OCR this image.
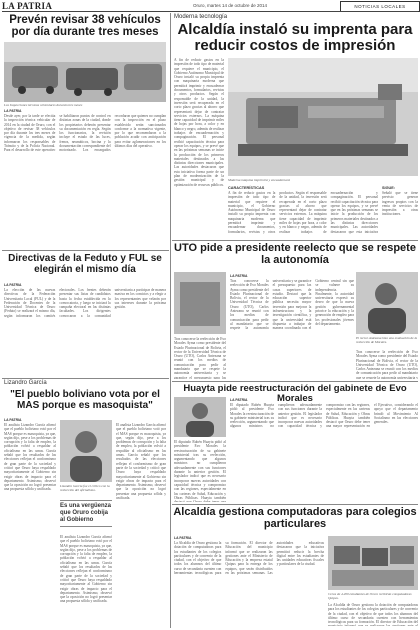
LA PATRIA	Oruro, martes 14 de octubre de 2014	NOTICIAS LOCALES
Prevén revisar 38 vehículos por día durante tres meses
Los Inspecciones técnicas vehiculares durarán tres meses
LA PATRIA
Desde ayer, por la tarde se efectúa la inspección técnica vehicular de 2014 en la ciudad de Oruro, con el objetivo de revisar 38 vehículos por día durante los tres meses de vigencia de la medida, según informaron los responsables de Tránsito y de la Policía Nacional. Para el desarrollo de este operativo se habilitaron puntos de control en distintas zonas de la ciudad, donde los propietarios deberán presentar su documentación en regla. Según los funcionarios, la revisión incluye el estado de las luces, frenos, neumáticos, bocina y la documentación correspondiente del motorizado. Los encargados recordaron que quienes no cumplan con la inspección en el plazo establecido serán sancionados conforme a la normativa vigente, por lo que recomendaron a la población acudir con anticipación para evitar aglomeraciones en los últimos días del operativo.
Directivas de la Feduto y FUL se elegirán el mismo día
LA PATRIA
La elección de las nuevas directivas de la Federación Universitaria Local (FUL) y de la Federación de Docentes de la Universidad Técnica de Oruro (Feduto) se realizará el mismo día, según informaron los comités electorales. Los frentes deberán presentar sus listas de candidatos hasta la fecha establecida en la convocatoria, y luego se iniciará la campaña electoral en las distintas facultades. Los dirigentes convocaron a la comunidad universitaria a participar de manera masiva en los comicios y a elegir a los representantes que velarán por sus intereses durante la próxima gestión.
Lizandro García
"El pueblo boliviano vota por el MAS porque es masoquista"
LA PATRIA
El analista Lizandro García afirmó que el pueblo boliviano votó por el MAS porque es masoquista, ya que, según dijo, pese a los problemas de corrupción y la falta de empleo, la población volvió a respaldar al oficialismo en las urnas. García señaló que los resultados de las elecciones reflejan el conformismo de gran parte de la sociedad y criticó que Oruro haya respaldado mayoritariamente al Gobierno sin exigir obras de impacto para el departamento. Asimismo, observó que la oposición no logró presentar una propuesta sólida y unificada.
Lizandro García fue el crítico con la reelección del oficialismo.
Es una vergüenza que Oruro cobija al Gobierno
El analista Lizandro García afirmó que el pueblo boliviano votó por el MAS porque es masoquista, ya que, según dijo, pese a los problemas de corrupción y la falta de empleo, la población volvió a respaldar al oficialismo en las urnas. García señaló que los resultados de las elecciones reflejan el conformismo de gran parte de la sociedad y criticó que Oruro haya respaldado mayoritariamente al Gobierno sin exigir obras de impacto para el departamento. Asimismo, observó que la oposición no logró presentar una propuesta sólida y unificada.
El analista Lizandro García afirmó que el pueblo boliviano votó por el MAS porque es masoquista, ya que, según dijo, pese a los problemas de corrupción y la falta de empleo, la población volvió a respaldar al oficialismo en las urnas. García señaló que los resultados de las elecciones reflejan el conformismo de gran parte de la sociedad y criticó que Oruro haya respaldado mayoritariamente al Gobierno sin exigir obras de impacto para el departamento. Asimismo, observó que la oposición no logró presentar una propuesta sólida y unificada.
Moderna tecnología
Alcaldía instaló su imprenta para reducir costos de impresión
A fin de reducir gastos en la impresión de todo tipo de material que requiere el municipio, el Gobierno Autónomo Municipal de Oruro instaló su propia imprenta con maquinaria moderna que permitirá imprimir y encuadernar documentos, formularios, revistas y otros productos. Según el responsable de la unidad, la inversión será recuperada en el corto plazo gracias al ahorro que representará dejar de contratar servicios externos. La máquina tiene capacidad de imprimir miles de hojas por hora, a color y en blanco y negro, además de realizar trabajos de encuadernación y compaginación. El personal recibió capacitación técnica para operar los equipos, y se prevé que en las próximas semanas se inicie la producción de los primeros materiales destinados a las distintas direcciones municipales. Las autoridades destacaron que esta iniciativa forma parte de un plan de modernización de la gestión municipal y de optimización de recursos públicos.
Moderna máquina imprimirá y encuadernará
CARACTERÍSTICAS
A fin de reducir gastos en la impresión de todo tipo de material que requiere el municipio, el Gobierno Autónomo Municipal de Oruro instaló su propia imprenta con maquinaria moderna que permitirá imprimir y encuadernar documentos, formularios, revistas y otros productos. Según el responsable de la unidad, la inversión será recuperada en el corto plazo gracias al ahorro que representará dejar de contratar servicios externos. La máquina tiene capacidad de imprimir miles de hojas por hora, a color y en blanco y negro, además de realizar trabajos de encuadernación y compaginación. El personal recibió capacitación técnica para operar los equipos, y se prevé que en las próximas semanas se inicie la producción de los primeros materiales destinados a las distintas direcciones municipales. Las autoridades destacaron que esta iniciativa
SIGUE:
Señaló que se tiene previsto generar ingresos propios con la venta de servicios de impresión a otras instituciones.
UTO pide a presidente reelecto que se respete la autonomía
LA PATRIA
Tras conocerse la reelección de Evo Morales Ayma como presidente del Estado Plurinacional de Bolivia, el rector de la Universidad Técnica de Oruro (UTO), Carlos Antezana se reunió con los medios de comunicación para pedir al mandatario que se respete la autonomía universitaria y se garantice el presupuesto para las casas superiores de estudio. Destacó que la educación superior pública necesita mayor inversión para mejorar la infraestructura y la investigación científica, y que la universidad está dispuesta a trabajar de manera coordinada con el Gobierno central sin que se vulnere su independencia. Finalmente, la autoridad universitaria expresó su deseo de que la nueva gestión gubernamental priorice la educación y la generación de empleo para los profesionales jóvenes del departamento.
El rector Antezana hizo una evaluación de la reelección de Morales.
Tras conocerse la reelección de Evo Morales Ayma como presidente del Estado Plurinacional de Bolivia, el rector de la Universidad Técnica de Oruro (UTO), Carlos Antezana se reunió con los medios de comunicación para pedir al mandatario que se respete la autonomía universitaria y se garantice el presupuesto para las
Tras conocerse la reelección de Evo Morales Ayma como presidente del Estado Plurinacional de Bolivia, el rector de la Universidad Técnica de Oruro (UTO), Carlos Antezana se reunió con los medios de comunicación para pedir al mandatario que se respete la autonomía universitaria y
Huayta pide reestructuración del gabinete de Evo Morales
LA PATRIA
El diputado Rubén Huayta pidió al presidente Evo Morales la reestructuración de su gabinete ministerial tras su reelección, argumentando que algunos ministros no cumplieron adecuadamente con sus funciones durante la anterior gestión. El legislador indicó que es necesario incorporar nuevas autoridades con capacidad técnica y compromiso con las regiones, especialmente en las carteras de Salud, Educación y Obras Públicas. Huayta también
El diputado Rubén Huayta pidió al presidente Evo Morales la reestructuración de su gabinete ministerial tras su reelección, argumentando que algunos ministros no cumplieron adecuadamente con sus funciones durante la anterior gestión. El legislador indicó que es necesario incorporar nuevas autoridades con capacidad técnica y compromiso con las regiones, especialmente en las carteras de Salud, Educación y Obras Públicas. Huayta también destacó que Oruro debe tener una mayor representación en el Ejecutivo, considerando el apoyo que el departamento brindó al Movimiento Al Socialismo en las elecciones generales.
Alcaldía gestiona computadoras para colegios particulares
LA PATRIA
La Alcaldía de Oruro gestiona la dotación de computadoras para los estudiantes de los colegios particulares y de convenio de la ciudad, con el objetivo de que todos los alumnos del último curso de secundaria cuenten con herramientas tecnológicas para su formación. El director de Educación del municipio informó que se realizaron las gestiones ante el Ministerio de Educación y la empresa estatal Quipus para la entrega de los equipos, que serán distribuidos en las próximas semanas. Las autoridades educativas destacaron que la iniciativa permitirá reducir la brecha digital entre los estudiantes de las unidades educativas fiscales y particulares de la ciudad.
Cerca de 4.200 estudiantes de Oruro recibirán computadoras Quipus.
La Alcaldía de Oruro gestiona la dotación de computadoras para los estudiantes de los colegios particulares y de convenio de la ciudad, con el objetivo de que todos los alumnos del último curso de secundaria cuenten con herramientas tecnológicas para su formación. El director de Educación del
